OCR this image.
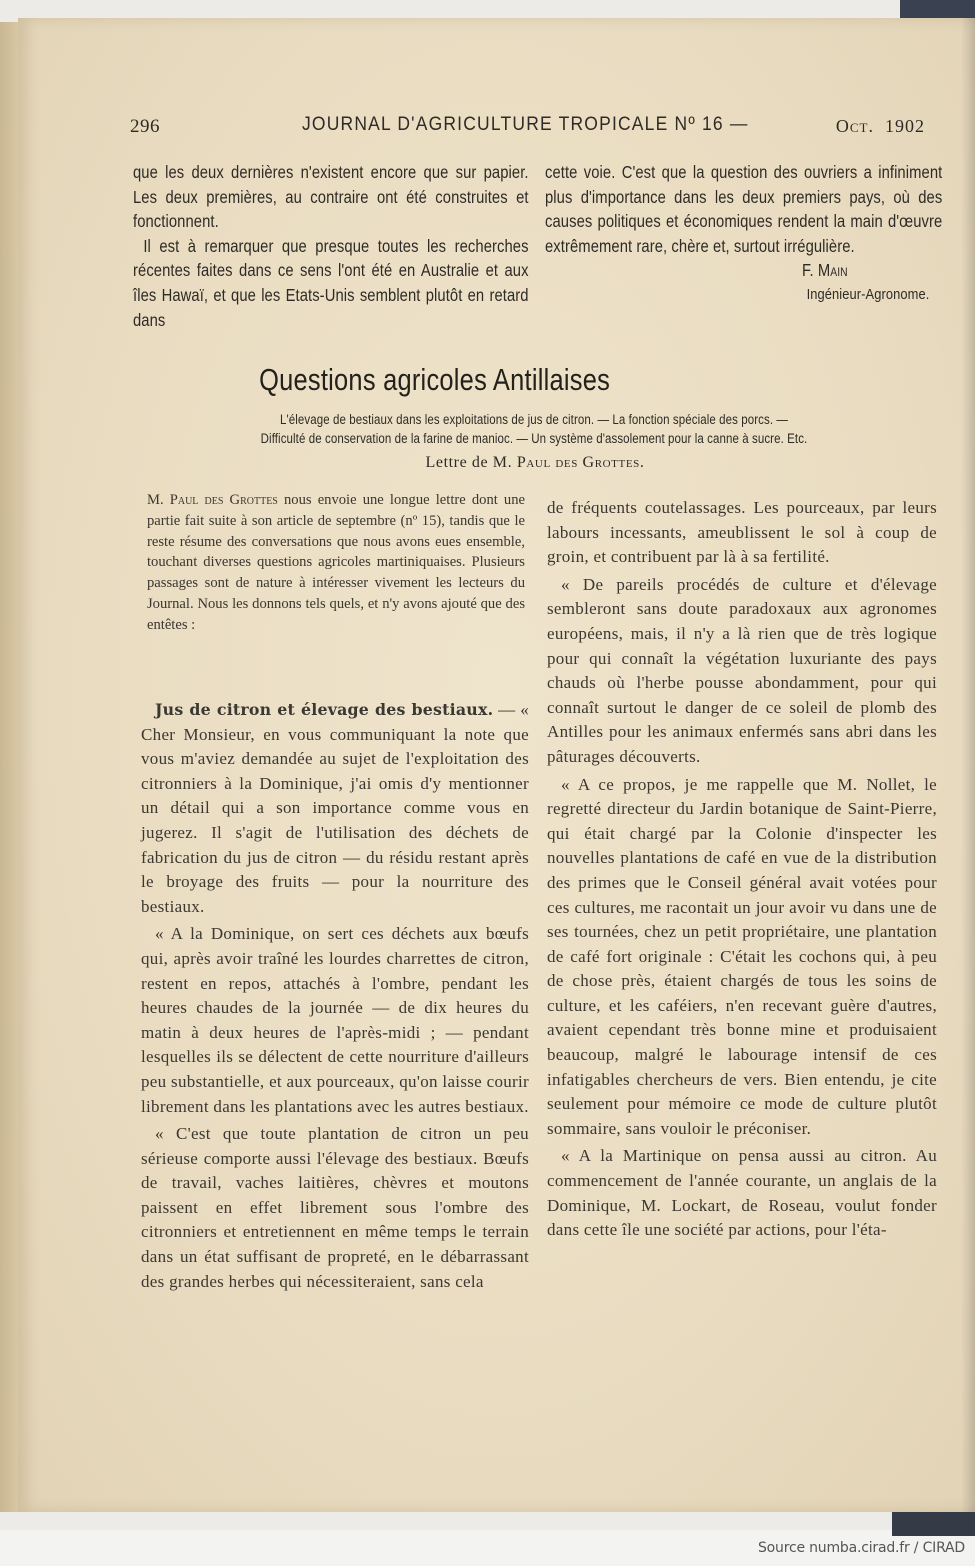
296	JOURNAL D'AGRICULTURE TROPICALE Nº 16 —	Oct. 1902

que les deux dernières n'existent encore que sur papier. Les deux premières, au contraire ont été construites et fonctionnent.

Il est à remarquer que presque toutes les recherches récentes faites dans ce sens l'ont été en Australie et aux îles Hawaï, et que les Etats-Unis semblent plutôt en retard dans

cette voie. C'est que la question des ouvriers a infiniment plus d'importance dans les deux premiers pays, où des causes politiques et économiques rendent la main d'œuvre extrêmement rare, chère et, surtout irrégulière.

F. Main

Ingénieur-Agronome.

Questions agricoles Antillaises
L'élevage de bestiaux dans les exploitations de jus de citron. — La fonction spéciale des porcs. —
Difficulté de conservation de la farine de manioc. — Un système d'assolement pour la canne à sucre. Etc.
Lettre de M. Paul des Grottes.

M. Paul des Grottes nous envoie une longue lettre dont une partie fait suite à son article de septembre (nº 15), tandis que le reste résume des conversations que nous avons eues ensemble, touchant diverses questions agricoles martiniquaises. Plusieurs passages sont de nature à intéresser vivement les lecteurs du Journal. Nous les donnons tels quels, et n'y avons ajouté que des entêtes :

Jus de citron et élevage des bestiaux. — « Cher Monsieur, en vous communiquant la note que vous m'aviez demandée au sujet de l'exploitation des citronniers à la Dominique, j'ai omis d'y mentionner un détail qui a son importance comme vous en jugerez. Il s'agit de l'utilisation des déchets de fabrication du jus de citron — du résidu restant après le broyage des fruits — pour la nourriture des bestiaux.

« A la Dominique, on sert ces déchets aux bœufs qui, après avoir traîné les lourdes charrettes de citron, restent en repos, attachés à l'ombre, pendant les heures chaudes de la journée — de dix heures du matin à deux heures de l'après-midi ; — pendant lesquelles ils se délectent de cette nourriture d'ailleurs peu substantielle, et aux pourceaux, qu'on laisse courir librement dans les plantations avec les autres bestiaux.

« C'est que toute plantation de citron un peu sérieuse comporte aussi l'élevage des bestiaux. Bœufs de travail, vaches laitières, chèvres et moutons paissent en effet librement sous l'ombre des citronniers et entretiennent en même temps le terrain dans un état suffisant de propreté, en le débarrassant des grandes herbes qui nécessiteraient, sans cela

de fréquents coutelassages. Les pourceaux, par leurs labours incessants, ameublissent le sol à coup de groin, et contribuent par là à sa fertilité.

« De pareils procédés de culture et d'élevage sembleront sans doute paradoxaux aux agronomes européens, mais, il n'y a là rien que de très logique pour qui connaît la végétation luxuriante des pays chauds où l'herbe pousse abondamment, pour qui connaît surtout le danger de ce soleil de plomb des Antilles pour les animaux enfermés sans abri dans les pâturages découverts.

« A ce propos, je me rappelle que M. Nollet, le regretté directeur du Jardin botanique de Saint-Pierre, qui était chargé par la Colonie d'inspecter les nouvelles plantations de café en vue de la distribution des primes que le Conseil général avait votées pour ces cultures, me racontait un jour avoir vu dans une de ses tournées, chez un petit propriétaire, une plantation de café fort originale : C'était les cochons qui, à peu de chose près, étaient chargés de tous les soins de culture, et les caféiers, n'en recevant guère d'autres, avaient cependant très bonne mine et produisaient beaucoup, malgré le labourage intensif de ces infatigables chercheurs de vers. Bien entendu, je cite seulement pour mémoire ce mode de culture plutôt sommaire, sans vouloir le préconiser.

« A la Martinique on pensa aussi au citron. Au commencement de l'année courante, un anglais de la Dominique, M. Lockart, de Roseau, voulut fonder dans cette île une société par actions, pour l'éta-

Source numba.cirad.fr / CIRAD
